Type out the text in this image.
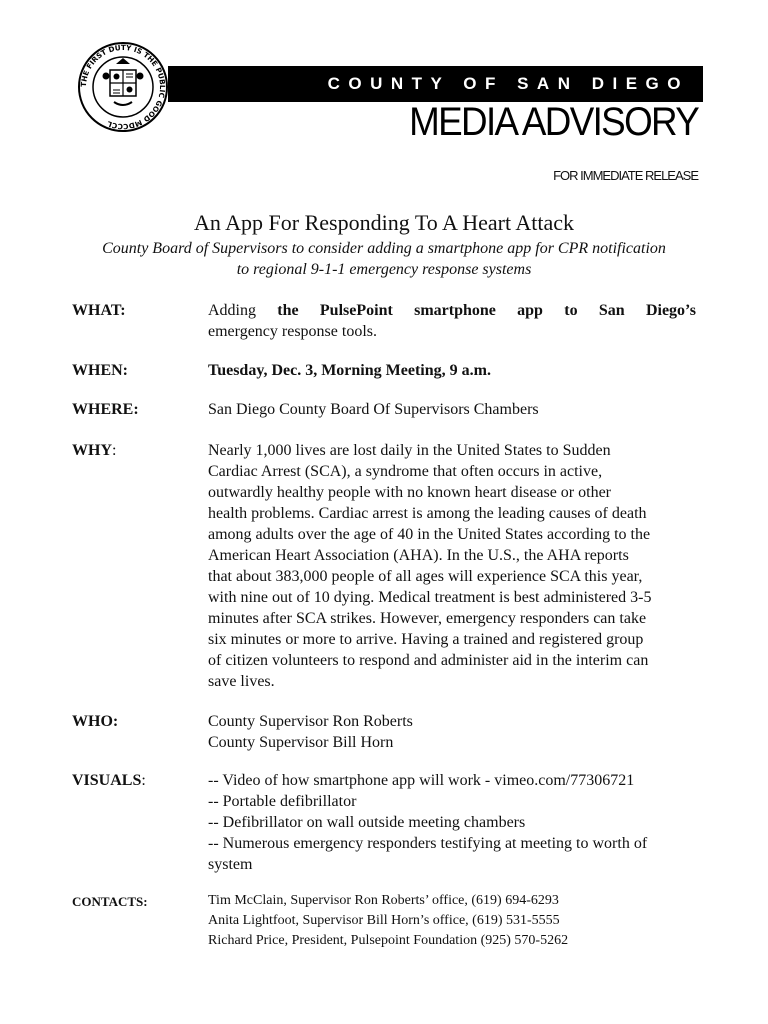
THE FIRST DUTY IS THE PUBLIC GOOD MDCCCL
COUNTY OF SAN DIEGO
MEDIA ADVISORY
FOR IMMEDIATE RELEASE
An App For Responding To A Heart Attack
County Board of Supervisors to consider adding a smartphone app for CPR notification
to regional 9-1-1 emergency response systems
WHAT:	Adding the PulsePoint smartphone app to San Diego’s
emergency response tools.
WHEN:	Tuesday, Dec. 3, Morning Meeting, 9 a.m.
WHERE:	San Diego County Board Of Supervisors Chambers
WHY:	Nearly 1,000 lives are lost daily in the United States to Sudden
Cardiac Arrest (SCA), a syndrome that often occurs in active,
outwardly healthy people with no known heart disease or other
health problems. Cardiac arrest is among the leading causes of death
among adults over the age of 40 in the United States according to the
American Heart Association (AHA). In the U.S., the AHA reports
that about 383,000 people of all ages will experience SCA this year,
with nine out of 10 dying. Medical treatment is best administered 3-5
minutes after SCA strikes. However, emergency responders can take
six minutes or more to arrive. Having a trained and registered group
of citizen volunteers to respond and administer aid in the interim can
save lives.
WHO:	County Supervisor Ron Roberts
County Supervisor Bill Horn
VISUALS:	-- Video of how smartphone app will work - vimeo.com/77306721
-- Portable defibrillator
-- Defibrillator on wall outside meeting chambers
-- Numerous emergency responders testifying at meeting to worth of
system
CONTACTS:	Tim McClain, Supervisor Ron Roberts’ office, (619) 694-6293
Anita Lightfoot, Supervisor Bill Horn’s office, (619) 531-5555
Richard Price, President, Pulsepoint Foundation (925) 570-5262
